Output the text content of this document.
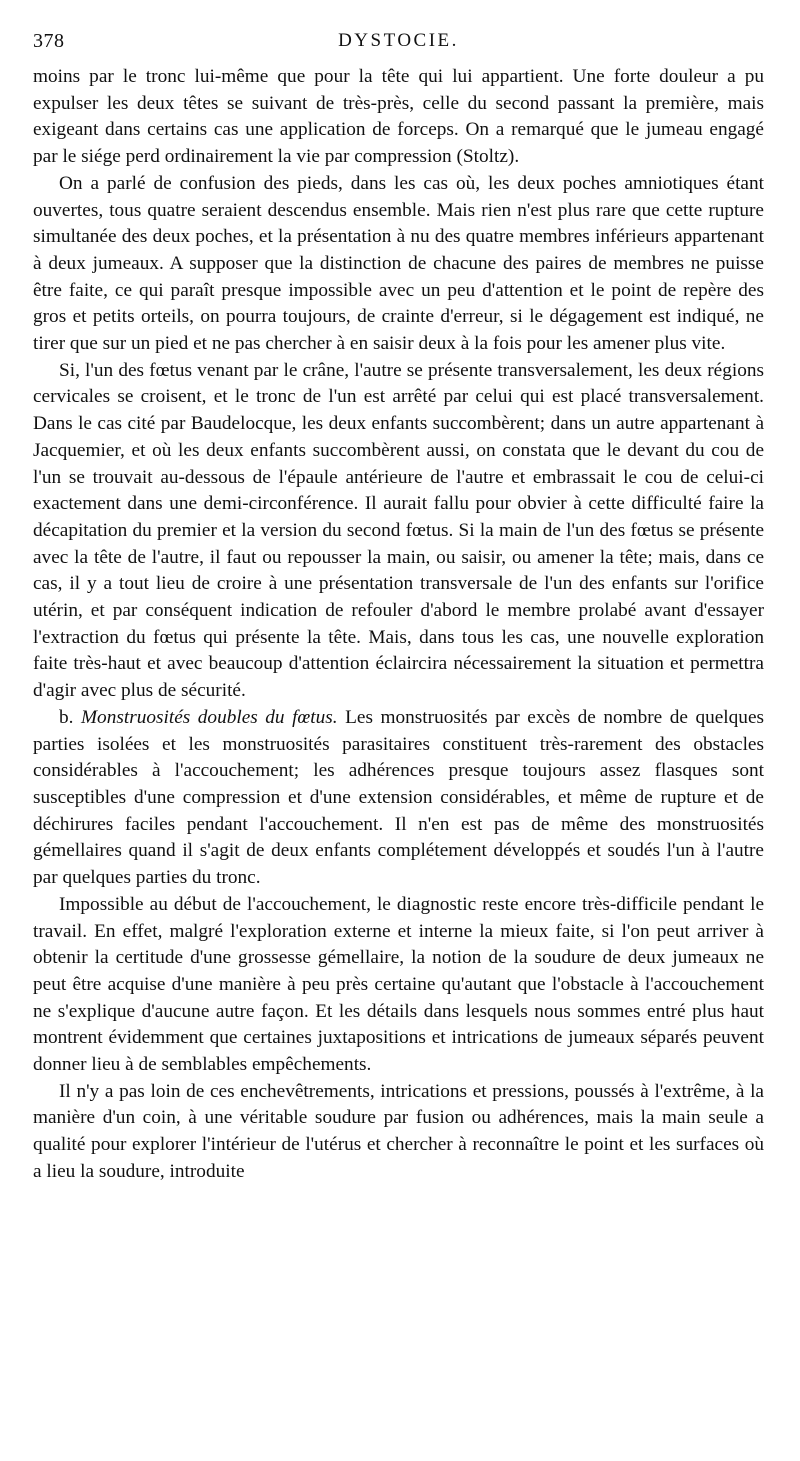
378	DYSTOCIE.

moins par le tronc lui-même que pour la tête qui lui appartient. Une forte douleur a pu expulser les deux têtes se suivant de très-près, celle du second passant la première, mais exigeant dans certains cas une application de forceps. On a remarqué que le jumeau engagé par le siége perd ordinairement la vie par compression (Stoltz).

On a parlé de confusion des pieds, dans les cas où, les deux poches amniotiques étant ouvertes, tous quatre seraient descendus ensemble. Mais rien n'est plus rare que cette rupture simultanée des deux poches, et la présentation à nu des quatre membres inférieurs appartenant à deux jumeaux. A supposer que la distinction de chacune des paires de membres ne puisse être faite, ce qui paraît presque impossible avec un peu d'attention et le point de repère des gros et petits orteils, on pourra toujours, de crainte d'erreur, si le dégagement est indiqué, ne tirer que sur un pied et ne pas chercher à en saisir deux à la fois pour les amener plus vite.

Si, l'un des fœtus venant par le crâne, l'autre se présente transversalement, les deux régions cervicales se croisent, et le tronc de l'un est arrêté par celui qui est placé transversalement. Dans le cas cité par Baudelocque, les deux enfants succombèrent; dans un autre appartenant à Jacquemier, et où les deux enfants succombèrent aussi, on constata que le devant du cou de l'un se trouvait au-dessous de l'épaule antérieure de l'autre et embrassait le cou de celui-ci exactement dans une demi-circonférence. Il aurait fallu pour obvier à cette difficulté faire la décapitation du premier et la version du second fœtus. Si la main de l'un des fœtus se présente avec la tête de l'autre, il faut ou repousser la main, ou saisir, ou amener la tête; mais, dans ce cas, il y a tout lieu de croire à une présentation transversale de l'un des enfants sur l'orifice utérin, et par conséquent indication de refouler d'abord le membre prolabé avant d'essayer l'extraction du fœtus qui présente la tête. Mais, dans tous les cas, une nouvelle exploration faite très-haut et avec beaucoup d'attention éclaircira nécessairement la situation et permettra d'agir avec plus de sécurité.

b. Monstruosités doubles du fœtus. Les monstruosités par excès de nombre de quelques parties isolées et les monstruosités parasitaires constituent très-rarement des obstacles considérables à l'accouchement; les adhérences presque toujours assez flasques sont susceptibles d'une compression et d'une extension considérables, et même de rupture et de déchirures faciles pendant l'accouchement. Il n'en est pas de même des monstruosités gémellaires quand il s'agit de deux enfants complétement développés et soudés l'un à l'autre par quelques parties du tronc.

Impossible au début de l'accouchement, le diagnostic reste encore très-difficile pendant le travail. En effet, malgré l'exploration externe et interne la mieux faite, si l'on peut arriver à obtenir la certitude d'une grossesse gémellaire, la notion de la soudure de deux jumeaux ne peut être acquise d'une manière à peu près certaine qu'autant que l'obstacle à l'accouchement ne s'explique d'aucune autre façon. Et les détails dans lesquels nous sommes entré plus haut montrent évidemment que certaines juxtapositions et intrications de jumeaux séparés peuvent donner lieu à de semblables empêchements.

Il n'y a pas loin de ces enchevêtrements, intrications et pressions, poussés à l'extrême, à la manière d'un coin, à une véritable soudure par fusion ou adhérences, mais la main seule a qualité pour explorer l'intérieur de l'utérus et chercher à reconnaître le point et les surfaces où a lieu la soudure, introduite
